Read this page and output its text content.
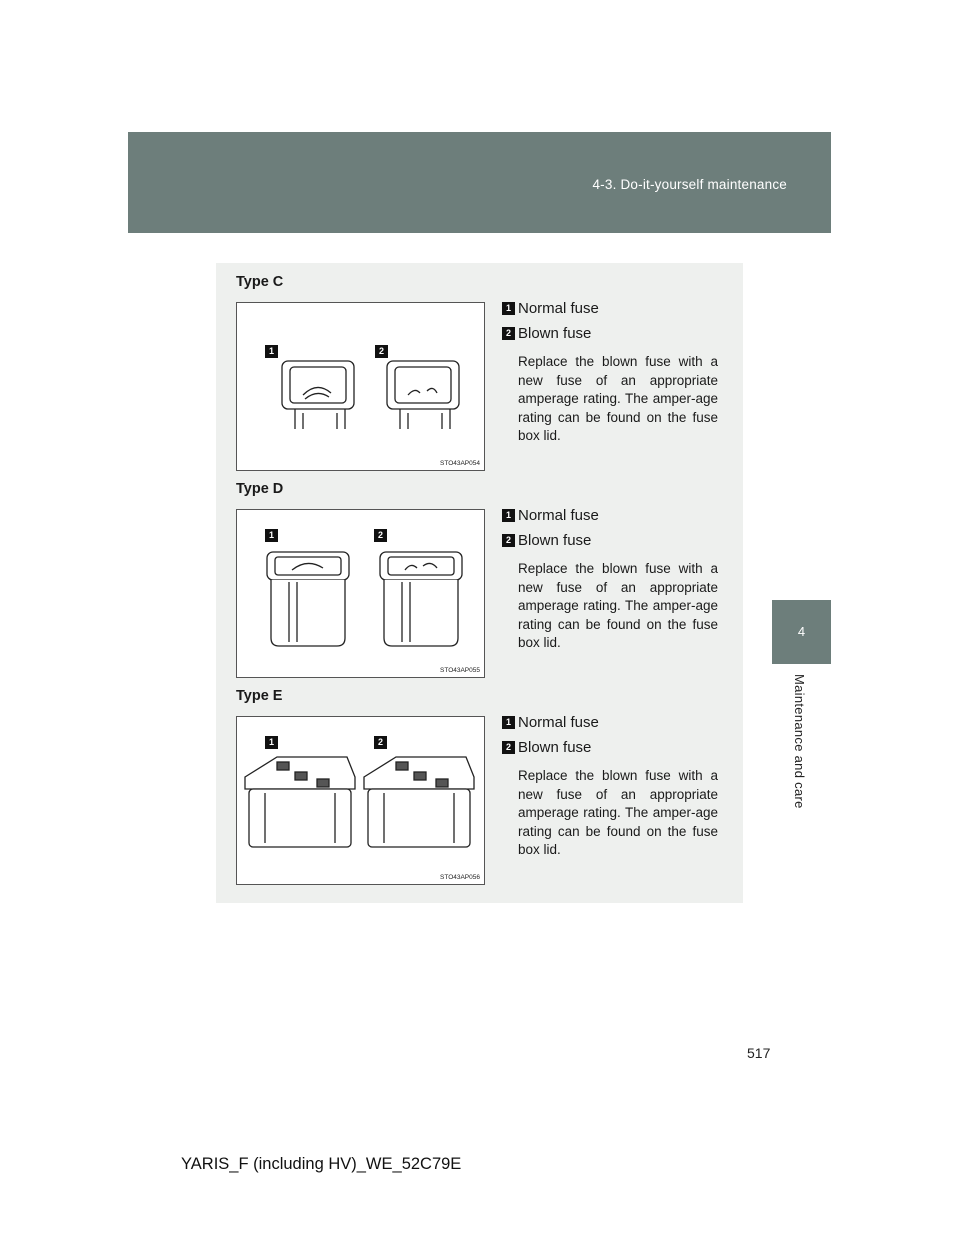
4-3. Do-it-yourself maintenance
4
Maintenance and care
Type C
1	2
STO43AP054
1 Normal fuse
2 Blown fuse
Replace the blown fuse with a new fuse of an appropriate amperage rating. The amper-age rating can be found on the fuse box lid.
Type D
1	2
STO43AP055
1 Normal fuse
2 Blown fuse
Replace the blown fuse with a new fuse of an appropriate amperage rating. The amper-age rating can be found on the fuse box lid.
Type E
1	2
STO43AP056
1 Normal fuse
2 Blown fuse
Replace the blown fuse with a new fuse of an appropriate amperage rating. The amper-age rating can be found on the fuse box lid.
517
YARIS_F (including HV)_WE_52C79E
